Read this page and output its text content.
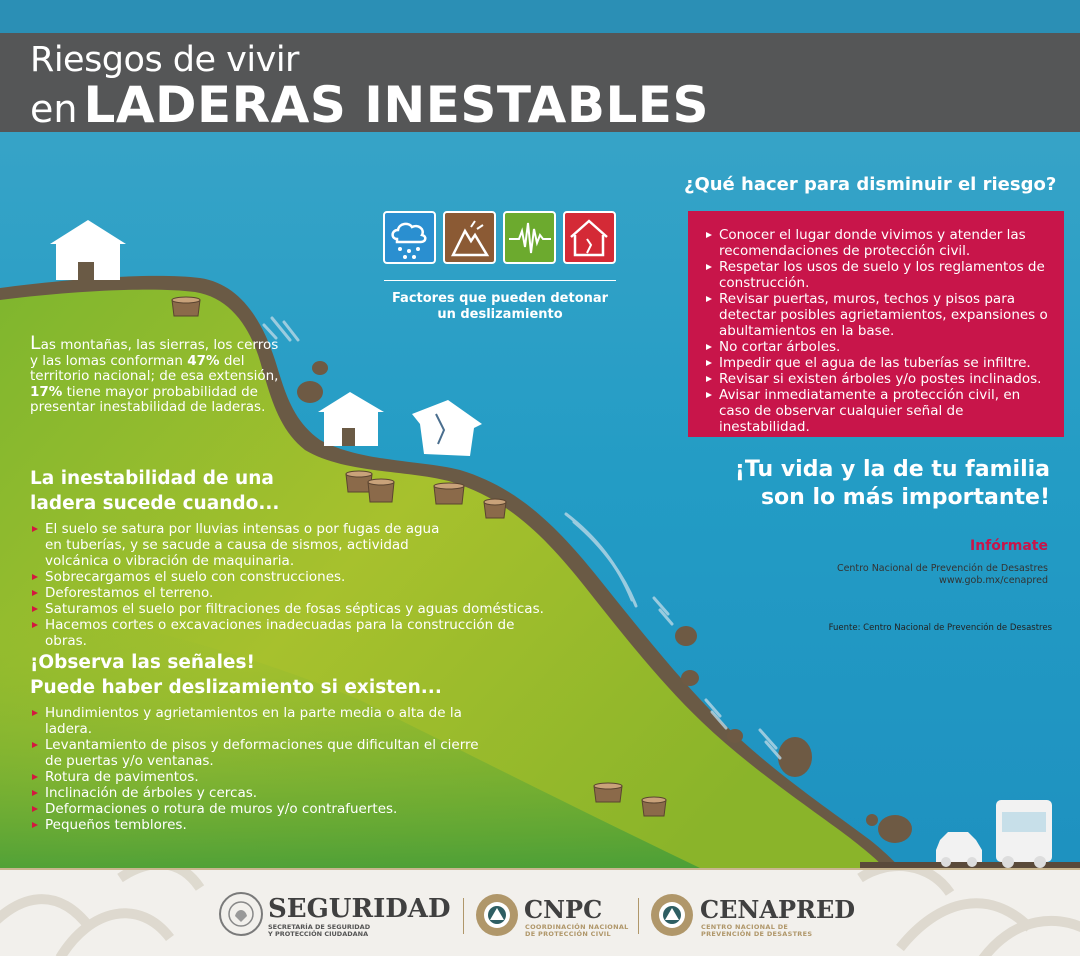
Riesgos de vivir
en LADERAS INESTABLES
Factores que pueden detonar
un deslizamiento
Las montañas, las sierras, los cerros y las lomas conforman 47% del territorio nacional; de esa extensión, 17% tiene mayor probabilidad de presentar inestabilidad de laderas.
La inestabilidad de una
ladera sucede cuando...
El suelo se satura por lluvias intensas o por fugas de agua en tuberías, y se sacude a causa de sismos, actividad volcánica o vibración de maquinaria.
Sobrecargamos el suelo con construcciones.
Deforestamos el terreno.
Saturamos el suelo por filtraciones de fosas sépticas y aguas domésticas.
Hacemos cortes o excavaciones inadecuadas para la construcción de obras.
¡Observa las señales!
Puede haber deslizamiento si existen...
Hundimientos y agrietamientos en la parte media o alta de la ladera.
Levantamiento de pisos y deformaciones que dificultan el cierre de puertas y/o ventanas.
Rotura de pavimentos.
Inclinación de árboles y cercas.
Deformaciones o rotura de muros y/o contrafuertes.
Pequeños temblores.
¿Qué hacer para disminuir el riesgo?
Conocer el lugar donde vivimos y atender las recomendaciones de protección civil.
Respetar los usos de suelo y los reglamentos de construcción.
Revisar puertas, muros, techos y pisos para detectar posibles agrietamientos, expansiones o abultamientos en la base.
No cortar árboles.
Impedir que el agua de las tuberías se infiltre.
Revisar si existen árboles y/o postes inclinados.
Avisar inmediatamente a protección civil, en caso de observar cualquier señal de inestabilidad.
¡Tu vida y la de tu familia
son lo más importante!
Infórmate
Centro Nacional de Prevención de Desastres
www.gob.mx/cenapred
Fuente: Centro Nacional de Prevención de Desastres
SEGURIDAD
SECRETARÍA DE SEGURIDAD
Y PROTECCIÓN CIUDADANA
CNPC
COORDINACIÓN NACIONAL
DE PROTECCIÓN CIVIL
CENAPRED
CENTRO NACIONAL DE
PREVENCIÓN DE DESASTRES
